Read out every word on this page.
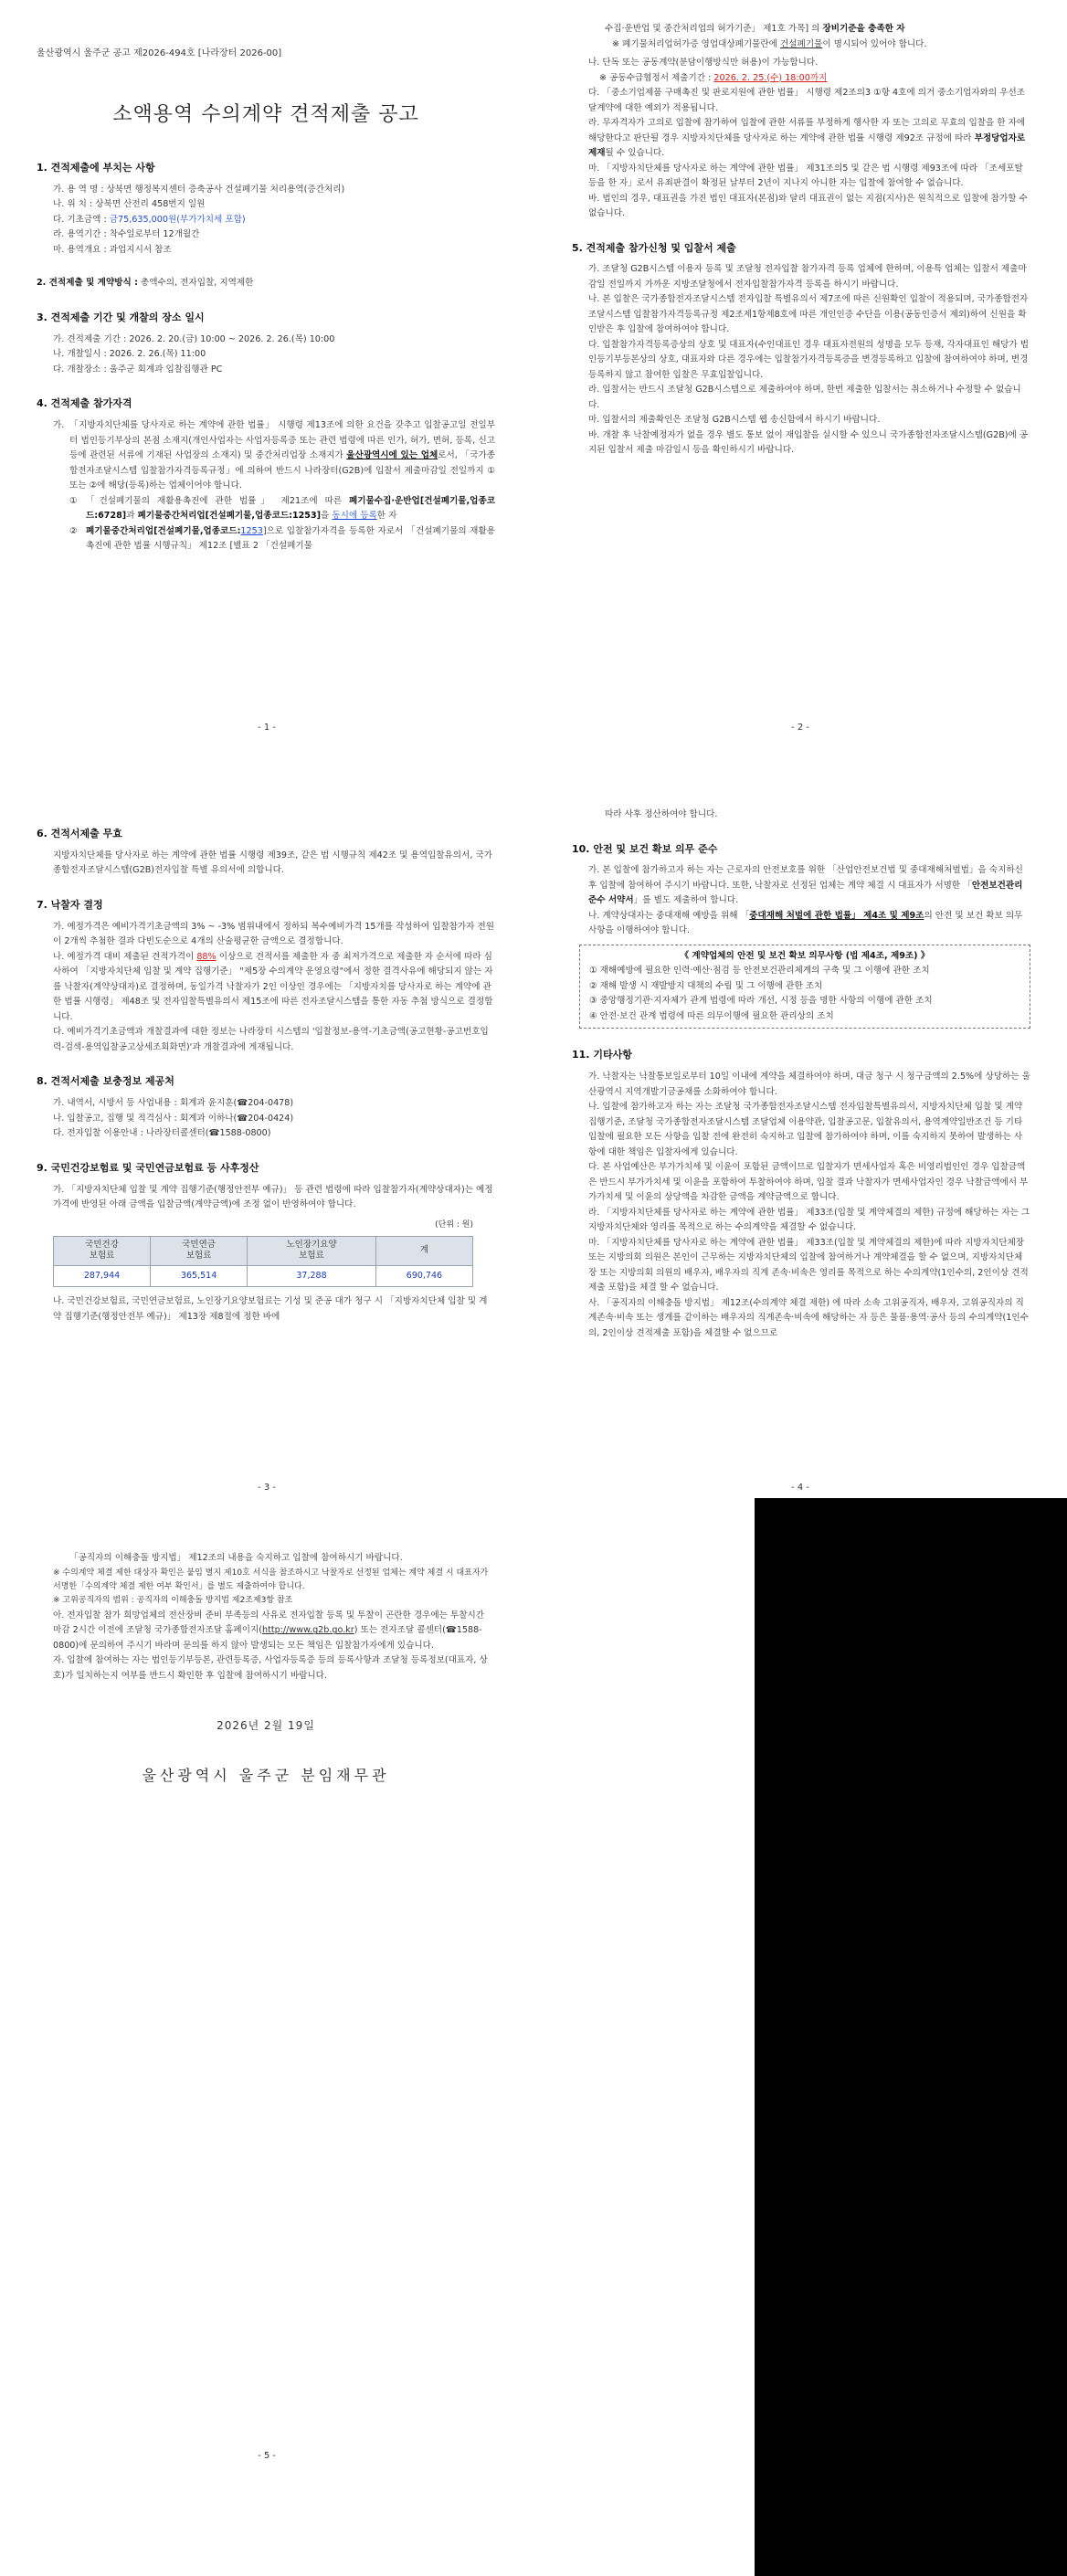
울산광역시 울주군 공고 제2026-494호 [나라장터 2026-00]
소액용역 수의계약 견적제출 공고
1. 견적제출에 부치는 사항
가. 용 역 명 : 상북면 행정복지센터 증축공사 건설폐기물 처리용역(증간처리)
나. 위 치 : 상북면 산전리 458번지 일원
다. 기초금액 : 금75,635,000원(부가가치세 포함)
라. 용역기간 : 착수일로부터 12개월간
마. 용역개요 : 과업지시서 참조
2. 견적제출 및 계약방식 : 총액수의, 전자입찰, 지역제한
3. 견적제출 기간 및 개찰의 장소 일시
가. 견적제출 기간 : 2026. 2. 20.(금) 10:00 ~ 2026. 2. 26.(목) 10:00
나. 개찰일시 : 2026. 2. 26.(목) 11:00
다. 개찰장소 : 울주군 회계과 입찰집행관 PC
4. 견적제출 참가자격
가. 「지방자치단체를 당사자로 하는 계약에 관한 법률」 시행령 제13조에 의한 요건을 갖추고 입찰공고일 전일부터 법인등기부상의 본점 소재지(개인사업자는 사업자등록증 또는 관련 법령에 따른 인가, 허가, 면허, 등록, 신고 등에 관련된 서류에 기재된 사업장의 소재지) 및 중간처리업장 소재지가 울산광역시에 있는 업체로서, 「국가종합전자조달시스템 입찰참가자격등록규정」에 의하여 반드시 나라장터(G2B)에 입찰서 제출마감일 전일까지 ① 또는 ②에 해당(등록)하는 업체이어야 합니다.
① 「건설폐기물의 재활용촉진에 관한 법률」 제21조에 따른 폐기물수집·운반업[건설폐기물,업종코드:6728]과 폐기물중간처리업[건설폐기물,업종코드:1253]을 동시에 등록한 자
② 폐기물중간처리업[건설폐기물,업종코드:1253]으로 입찰참가자격을 등록한 자로서 「건설폐기물의 재활용촉진에 관한 법률 시행규칙」 제12조 [별표 2 「건설폐기물
- 1 -
수집·운반업 및 중간처리업의 허가기준」 제1호 가목] 의 장비기준을 충족한 자
※ 폐기물처리업허가증 영업대상폐기물란에 건설폐기물이 명시되어 있어야 합니다.
나. 단독 또는 공동계약(분담이행방식만 허용)이 가능합니다.
※ 공동수급협정서 제출기간 : 2026. 2. 25.(수) 18:00까지
다. 「중소기업제품 구매촉진 및 판로지원에 관한 법률」 시행령 제2조의3 ①항 4호에 의거 중소기업자와의 우선조달계약에 대한 예외가 적용됩니다.
라. 무자격자가 고의로 입찰에 참가하여 입찰에 관한 서류를 부정하게 행사한 자 또는 고의로 무효의 입찰을 한 자에 해당한다고 판단될 경우 지방자치단체를 당사자로 하는 계약에 관한 법률 시행령 제92조 규정에 따라 부정당업자로 제재될 수 있습니다.
마. 「지방자치단체를 당사자로 하는 계약에 관한 법률」 제31조의5 및 같은 법 시행령 제93조에 따라 「조세포탈 등을 한 자」로서 유죄판결이 확정된 날부터 2년이 지나지 아니한 자는 입찰에 참여할 수 없습니다.
바. 법인의 경우, 대표권을 가진 법인 대표자(본점)와 달리 대표권이 없는 지점(지사)은 원칙적으로 입찰에 참가할 수 없습니다.
5. 견적제출 참가신청 및 입찰서 제출
가. 조달청 G2B시스템 이용자 등록 및 조달청 전자입찰 참가자격 등록 업체에 한하며, 이용특 업체는 입찰서 제출마감일 전일까지 가까운 지방조달청에서 전자입찰참가자격 등록을 하시기 바랍니다.
나. 본 입찰은 국가종합전자조달시스템 전자입찰 특별유의서 제7조에 따른 신원확인 입찰이 적용되며, 국가종합전자조달시스템 입찰참가자격등록규정 제2조제1항제8호에 따른 개인인증 수단을 이용(공동인증서 제외)하여 신원을 확인받은 후 입찰에 참여하여야 합니다.
다. 입찰참가자격등록증상의 상호 및 대표자(수인대표인 경우 대표자전원의 성명을 모두 등재, 각자대표인 해당가 법인등기부등본상의 상호, 대표자와 다른 경우에는 입찰참가자격등록증을 변경등록하고 입찰에 참여하여야 하며, 변경등록하지 않고 참여한 입찰은 무효입찰입니다.
라. 입찰서는 반드시 조달청 G2B시스템으로 제출하여야 하며, 한번 제출한 입찰서는 취소하거나 수정할 수 없습니다.
마. 입찰서의 제출확인은 조달청 G2B시스템 웹 송신함에서 하시기 바랍니다.
바. 개찰 후 낙찰예정자가 없을 경우 별도 통보 없이 재입찰을 실시할 수 있으니 국가종합전자조달시스템(G2B)에 공지된 입찰서 제출 마감일시 등을 확인하시기 바랍니다.
- 2 -
6. 견적서제출 무효
지방자치단체를 당사자로 하는 계약에 관한 법률 시행령 제39조, 같은 법 시행규칙 제42조 및 용역입찰유의서, 국가종합전자조달시스템(G2B)전자입찰 특별 유의서에 의합니다.
7. 낙찰자 결정
가. 예정가격은 예비가격기초금액의 3% ~ -3% 범위내에서 정하되 복수예비가격 15개를 작성하여 입찰참가자 전원이 2개씩 추첨한 결과 다빈도순으로 4개의 산술평균한 금액으로 결정합니다.
나. 예정가격 대비 제출된 견적가격이 88% 이상으로 견적서를 제출한 자 중 최저가격으로 제출한 자 순서에 따라 심사하여 「지방자치단체 입찰 및 계약 집행기준」 "제5장 수의계약 운영요령"에서 정한 결격사유에 해당되지 않는 자를 낙찰자(계약상대자)로 결정하며, 동일가격 낙찰자가 2인 이상인 경우에는 「지방자치를 당사자로 하는 계약에 관한 법률 시행령」 제48조 및 전자입찰특별유의서 제15조에 따른 전자조달시스템을 통한 자동 추첨 방식으로 결정합니다.
다. 예비가격기초금액과 개찰결과에 대한 정보는 나라장터 시스템의 '입찰정보-용역-기초금액(공고현황-공고번호입력-검색-용역입찰공고상세조회화면)'과 개찰결과에 게재됩니다.
8. 견적서제출 보충정보 제공처
가. 내역서, 시방서 등 사업내용 : 회계과 윤지훈(☎204-0478)
나. 입찰공고, 집행 및 적격심사 : 회계과 이하나(☎204-0424)
다. 전자입찰 이용안내 : 나라장터콜센터(☎1588-0800)
9. 국민건강보험료 및 국민연금보험료 등 사후정산
가. 「지방자치단체 입찰 및 계약 집행기준(행정안전부 예규)」 등 관련 법령에 따라 입찰참가자(계약상대자)는 예정가격에 반영된 아래 금액을 입찰금액(계약금액)에 조정 없이 반영하여야 합니다.
(단위 : 원)
국민건강
보험료	국민연금
보험료	노인장기요양
보험료	계
287,944	365,514	37,288	690,746
나. 국민건강보험료, 국민연금보험료, 노인장기요양보험료는 기성 및 준공 대가 청구 시 「지방자치단체 입찰 및 계약 집행기준(행정안전부 예규)」 제13장 제8절에 정한 바에
- 3 -
따라 사후 정산하여야 합니다.
10. 안전 및 보건 확보 의무 준수
가. 본 입찰에 참가하고자 하는 자는 근로자의 안전보호를 위한 「산업안전보건법 및 중대재해처벌법」을 숙지하신 후 입찰에 참여하여 주시기 바랍니다. 또한, 낙찰자로 선정된 업체는 계약 체결 시 대표자가 서명한 「안전보건관리 준수 서약서」를 별도 제출하여 합니다.
나. 계약상대자는 중대재해 예방을 위해 「중대재해 처벌에 관한 법률」 제4조 및 제9조의 안전 및 보건 확보 의무사항을 이행하여야 합니다.
《 계약업체의 안전 및 보건 확보 의무사항 (법 제4조, 제9조) 》
① 재해예방에 필요한 인력·예산·점검 등 안전보건관리체계의 구축 및 그 이행에 관한 조치
② 재해 발생 시 재발방지 대책의 수립 및 그 이행에 관한 조치
③ 중앙행정기관·지자체가 관계 법령에 따라 개선, 시정 등을 명한 사항의 이행에 관한 조치
④ 안전·보건 관계 법령에 따른 의무이행에 필요한 관리상의 조치
11. 기타사항
가. 낙찰자는 낙찰통보일로부터 10일 이내에 계약을 체결하여야 하며, 대금 청구 시 청구금액의 2.5%에 상당하는 울산광역시 지역개발기금공채를 소화하여야 합니다.
나. 입찰에 참가하고자 하는 자는 조달청 국가종합전자조달시스템 전자입찰특별유의서, 지방자치단체 입찰 및 계약 집행기준, 조달청 국가종합전자조달시스템 조달업체 이용약관, 입찰공고문, 입찰유의서, 용역계약일반조건 등 기타 입찰에 필요한 모든 사항을 입찰 전에 완전히 숙지하고 입찰에 참가하여야 하며, 이를 숙지하지 못하여 발생하는 사항에 대한 책임은 입찰자에게 있습니다.
다. 본 사업예산은 부가가치세 및 이윤이 포함된 금액이므로 입찰자가 면세사업자 혹은 비영리법인인 경우 입찰금액은 반드시 부가가치세 및 이윤을 포함하여 투찰하여야 하며, 입찰 결과 낙찰자가 면세사업자인 경우 낙찰금액에서 부가가치세 및 이윤의 상당액을 차감한 금액을 계약금액으로 합니다.
라. 「지방자치단체를 당사자로 하는 계약에 관한 법률」 제33조(입찰 및 계약체결의 제한) 규정에 해당하는 자는 그 지방자치단체와 영리를 목적으로 하는 수의계약을 체결할 수 없습니다.
마. 「지방자치단체를 당사자로 하는 계약에 관한 법률」 제33조(입찰 및 계약체결의 제한)에 따라 지방자치단체장 또는 지방의회 의원은 본인이 근무하는 지방자치단체의 입찰에 참여하거나 계약체결을 할 수 없으며, 지방자치단체장 또는 지방의회 의원의 배우자, 배우자의 직계 존속·비속은 영리를 목적으로 하는 수의계약(1인수의, 2인이상 견적제출 포함)을 체결 할 수 없습니다.
사. 「공직자의 이해충돌 방지법」 제12조(수의계약 체결 제한) 에 따라 소속 고위공직자, 배우자, 고위공직자의 직계존속·비속 또는 생계를 같이하는 배우자의 직계존속·비속에 해당하는 자 등은 물품·용역·공사 등의 수의계약(1인수의, 2인이상 견적제출 포함)을 체결할 수 없으므로
- 4 -
「공직자의 이해충돌 방지법」 제12조의 내용을 숙지하고 입찰에 참여하시기 바랍니다.
※ 수의계약 체결 제한 대상자 확인은 붙임 별지 제10호 서식을 참조하시고 낙찰자로 선정된 업체는 계약 체결 시 대표자가 서명한「수의계약 체결 제한 여부 확인서」를 별도 제출하여야 합니다.
※ 고위공직자의 범위 : 공직자의 이해충돌 방지법 제2조제3항 참조
아. 전자입찰 참가 희망업체의 전산장비 준비 부족등의 사유로 전자입찰 등록 및 투찰이 곤란한 경우에는 투찰시간 마감 2시간 이전에 조달청 국가종합전자조달 홈페이지(http://www.g2b.go.kr) 또는 전자조달 콜센터(☎1588-0800)에 문의하여 주시기 바라며 문의를 하지 않아 발생되는 모든 책임은 입찰참가자에게 있습니다.
자. 입찰에 참여하는 자는 법인등기부등본, 관련등록증, 사업자등록증 등의 등록사항과 조달청 등록정보(대표자, 상호)가 일치하는지 여부를 반드시 확인한 후 입찰에 참여하시기 바랍니다.
2026년 2월 19일
울산광역시 울주군 분임재무관
- 5 -
